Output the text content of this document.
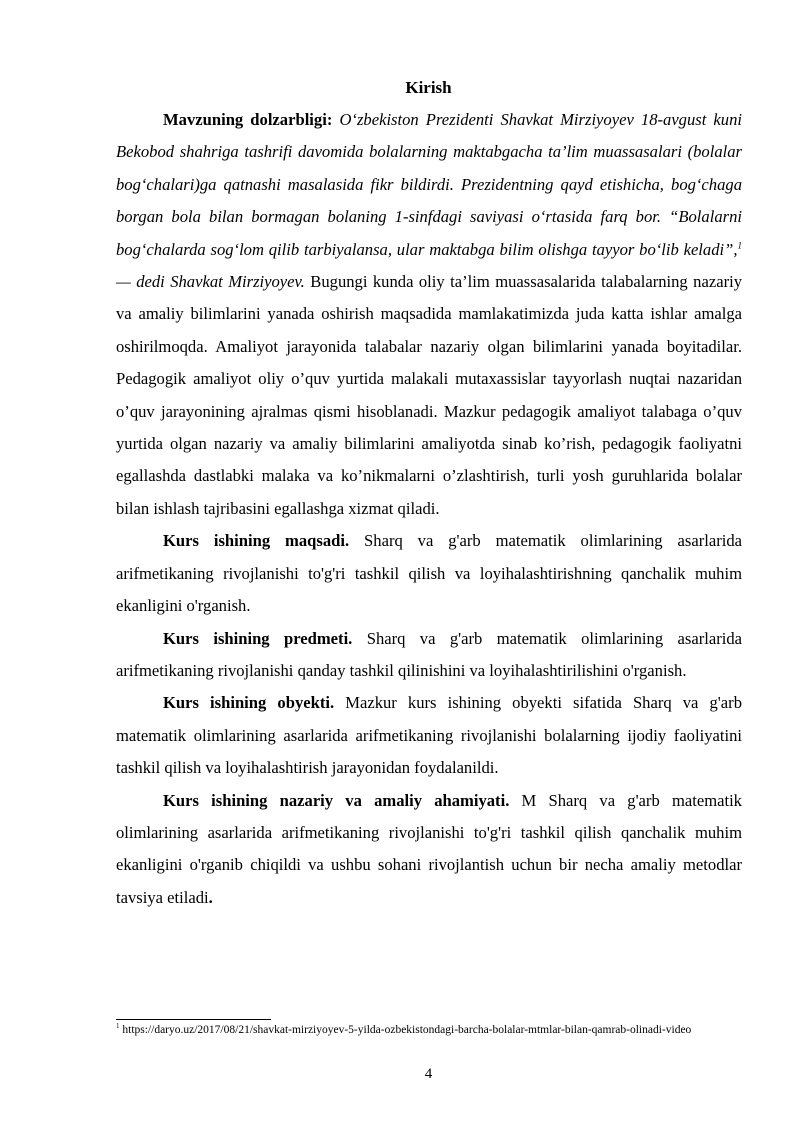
Kirish

Mavzuning dolzarbligi: O‘zbekiston Prezidenti Shavkat Mirziyoyev 18-avgust kuni Bekobod shahriga tashrifi davomida bolalarning maktabgacha ta’lim muassasalari (bolalar bog‘chalari)ga qatnashi masalasida fikr bildirdi. Prezidentning qayd etishicha, bog‘chaga borgan bola bilan bormagan bolaning 1-sinfdagi saviyasi o‘rtasida farq bor. “Bolalarni bog‘chalarda sog‘lom qilib tarbiyalansa, ular maktabga bilim olishga tayyor bo‘lib keladi”,$^1$ — dedi Shavkat Mirziyoyev. Bugungi kunda oliy ta’lim muassasalarida talabalarning nazariy va amaliy bilimlarini yanada oshirish maqsadida mamlakatimizda juda katta ishlar amalga oshirilmoqda. Amaliyot jarayonida talabalar nazariy olgan bilimlarini yanada boyitadilar. Pedagogik amaliyot oliy o’quv yurtida malakali mutaxassislar tayyorlash nuqtai nazaridan o’quv jarayonining ajralmas qismi hisoblanadi. Mazkur pedagogik amaliyot talabaga o’quv yurtida olgan nazariy va amaliy bilimlarini amaliyotda sinab ko’rish, pedagogik faoliyatni egallashda dastlabki malaka va ko’nikmalarni o’zlashtirish, turli yosh guruhlarida bolalar bilan ishlash tajribasini egallashga xizmat qiladi.

Kurs ishining maqsadi. Sharq va g'arb matematik olimlarining asarlarida arifmetikaning rivojlanishi to'g'ri tashkil qilish va loyihalashtirishning qanchalik muhim ekanligini o'rganish.

Kurs ishining predmeti. Sharq va g'arb matematik olimlarining asarlarida arifmetikaning rivojlanishi qanday tashkil qilinishini va loyihalashtirilishini o'rganish.

Kurs ishining obyekti. Mazkur kurs ishining obyekti sifatida Sharq va g'arb matematik olimlarining asarlarida arifmetikaning rivojlanishi bolalarning ijodiy faoliyatini tashkil qilish va loyihalashtirish jarayonidan foydalanildi.

Kurs ishining nazariy va amaliy ahamiyati. M Sharq va g'arb matematik olimlarining asarlarida arifmetikaning rivojlanishi to'g'ri tashkil qilish qanchalik muhim ekanligini o'rganib chiqildi va ushbu sohani rivojlantish uchun bir necha amaliy metodlar tavsiya etiladi.

$^1$ https://daryo.uz/2017/08/21/shavkat-mirziyoyev-5-yilda-ozbekistondagi-barcha-bolalar-mtmlar-bilan-qamrab-olinadi-video
4
